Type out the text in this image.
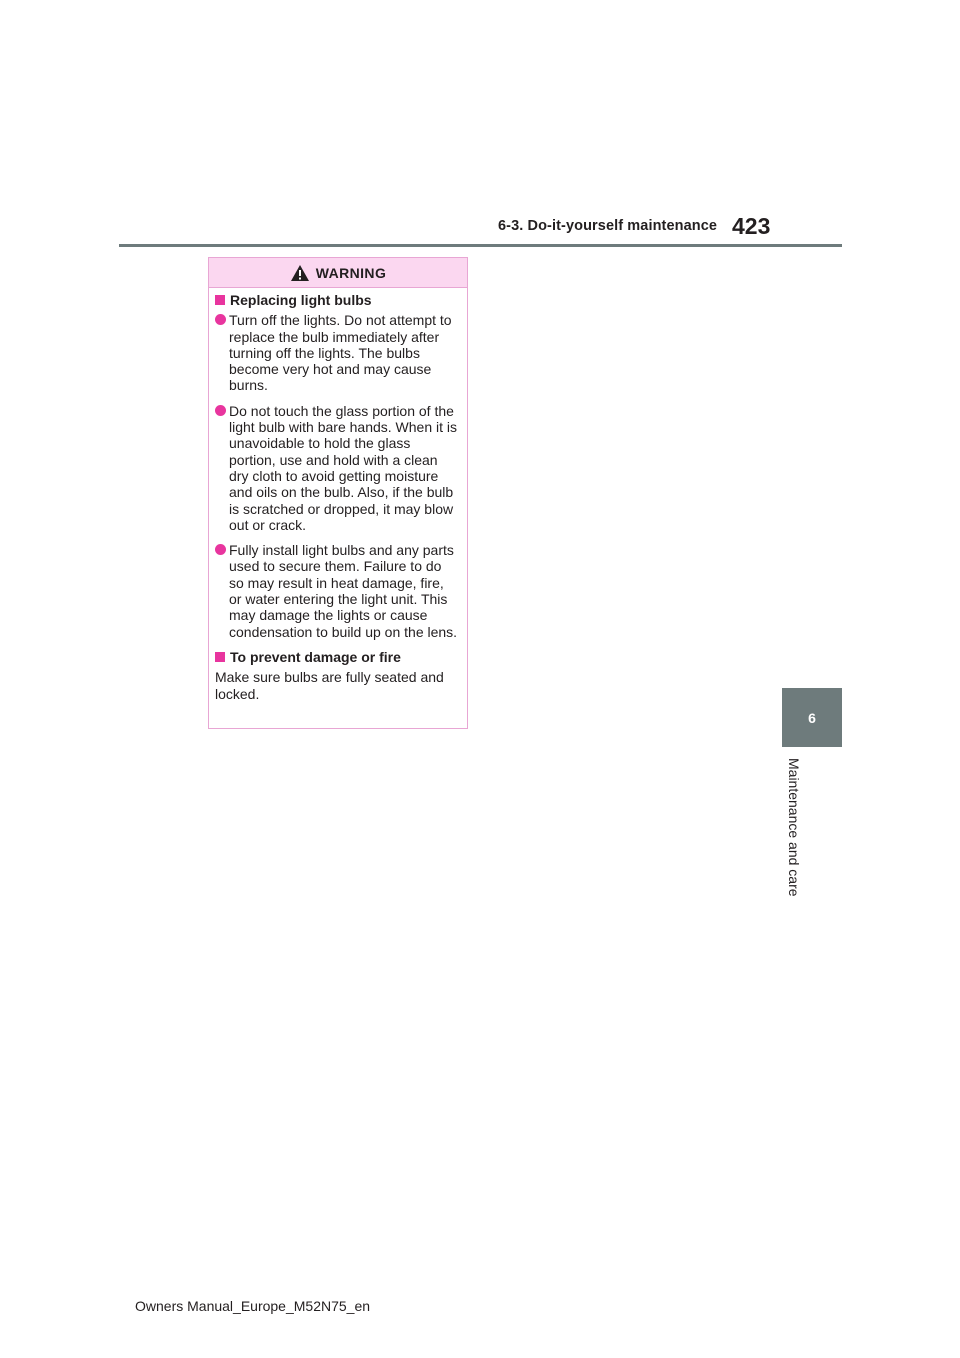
6-3. Do-it-yourself maintenance 423
6
Maintenance and care
WARNING
Replacing light bulbs
Turn off the lights. Do not attempt to replace the bulb immediately after turning off the lights. The bulbs become very hot and may cause burns.
Do not touch the glass portion of the light bulb with bare hands. When it is unavoidable to hold the glass portion, use and hold with a clean dry cloth to avoid getting moisture and oils on the bulb. Also, if the bulb is scratched or dropped, it may blow out or crack.
Fully install light bulbs and any parts used to secure them. Failure to do so may result in heat damage, fire, or water entering the light unit. This may damage the lights or cause condensation to build up on the lens.
To prevent damage or fire
Make sure bulbs are fully seated and locked.
Owners Manual_Europe_M52N75_en
